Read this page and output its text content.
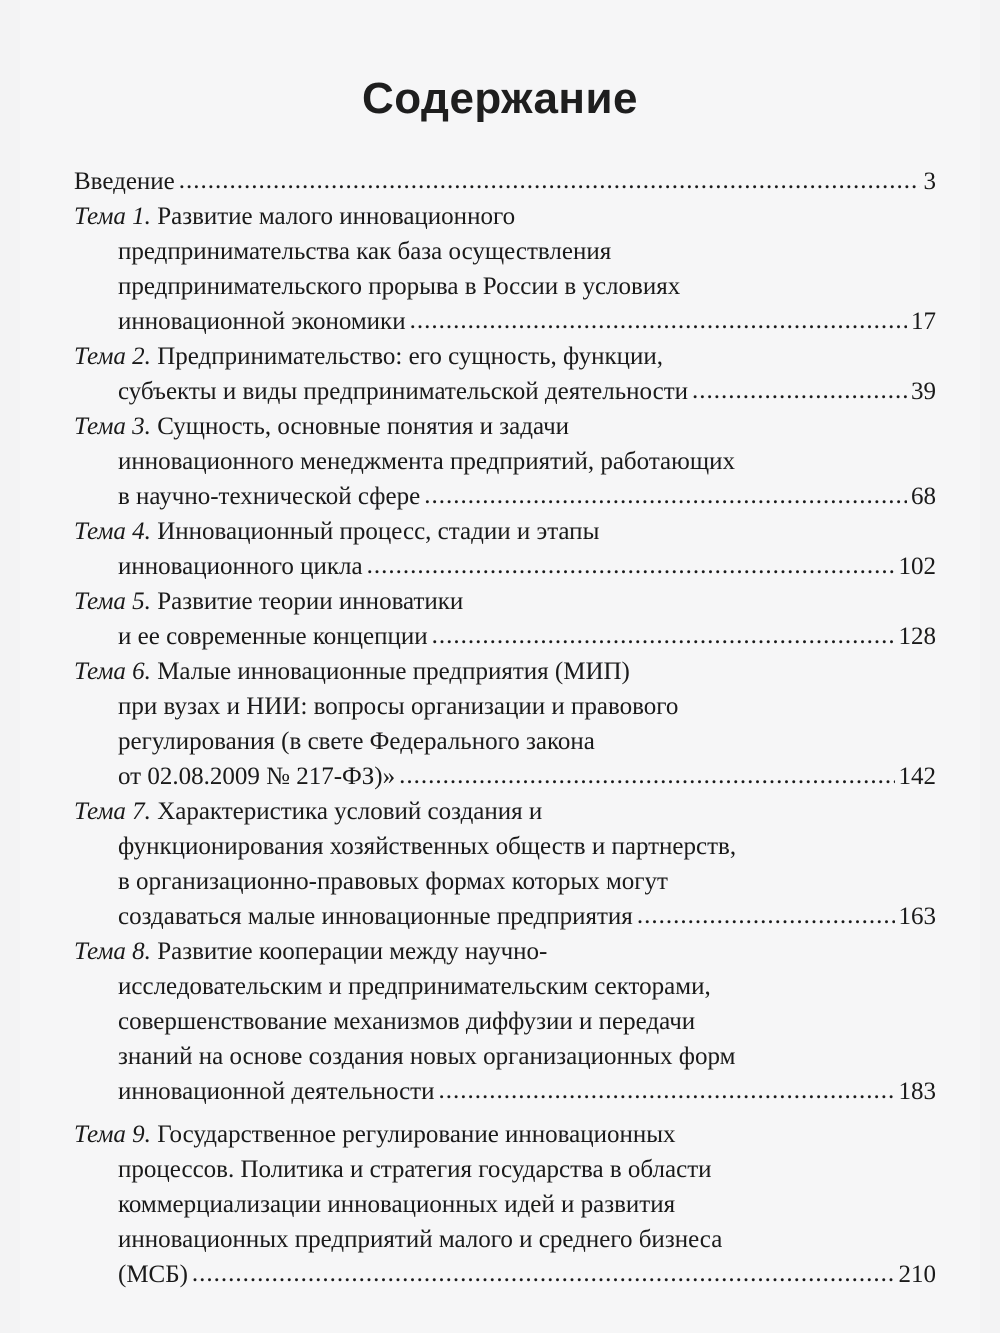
Содержание
Введение .....	3
Тема 1. Развитие малого инновационного
предпринимательства как база осуществления
предпринимательского прорыва в России в условиях
инновационной экономики .....	17
Тема 2. Предпринимательство: его сущность, функции,
субъекты и виды предпринимательской деятельности .....	39
Тема 3. Сущность, основные понятия и задачи
инновационного менеджмента предприятий, работающих
в научно-технической сфере .....	68
Тема 4. Инновационный процесс, стадии и этапы
инновационного цикла .....	102
Тема 5. Развитие теории инноватики
и ее современные концепции .....	128
Тема 6. Малые инновационные предприятия (МИП)
при вузах и НИИ: вопросы организации и правового
регулирования (в свете Федерального закона
от 02.08.2009 № 217-ФЗ)» .....	142
Тема 7. Характеристика условий создания и
функционирования хозяйственных обществ и партнерств,
в организационно-правовых формах которых могут
создаваться малые инновационные предприятия .....	163
Тема 8. Развитие кооперации между научно-
исследовательским и предпринимательским секторами,
совершенствование механизмов диффузии и передачи
знаний на основе создания новых организационных форм
инновационной деятельности .....	183
Тема 9. Государственное регулирование инновационных
процессов. Политика и стратегия государства в области
коммерциализации инновационных идей и развития
инновационных предприятий малого и среднего бизнеса
(МСБ) .....	210
